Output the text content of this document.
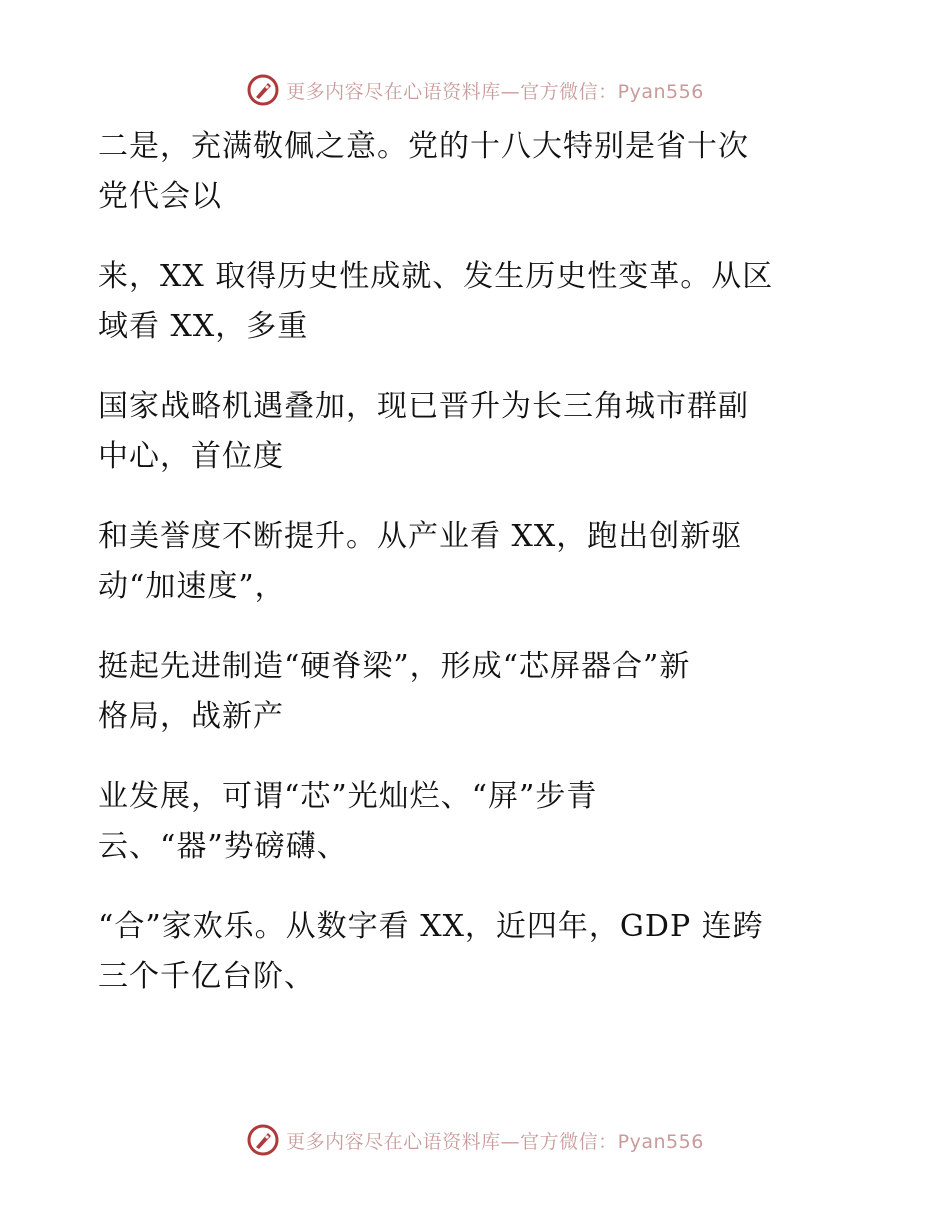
更多内容尽在心语资料库—官方微信：Pyan556

二是，充满敬佩之意。党的十八大特别是省十次
党代会以

来，XX 取得历史性成就、发生历史性变革。从区
域看 XX，多重

国家战略机遇叠加，现已晋升为长三角城市群副
中心，首位度

和美誉度不断提升。从产业看 XX，跑出创新驱
动“加速度”，

挺起先进制造“硬脊梁”，形成“芯屏器合”新
格局，战新产

业发展，可谓“芯”光灿烂、“屏”步青
云、“器”势磅礴、

“合”家欢乐。从数字看 XX，近四年，GDP 连跨
三个千亿台阶、

更多内容尽在心语资料库—官方微信：Pyan556
